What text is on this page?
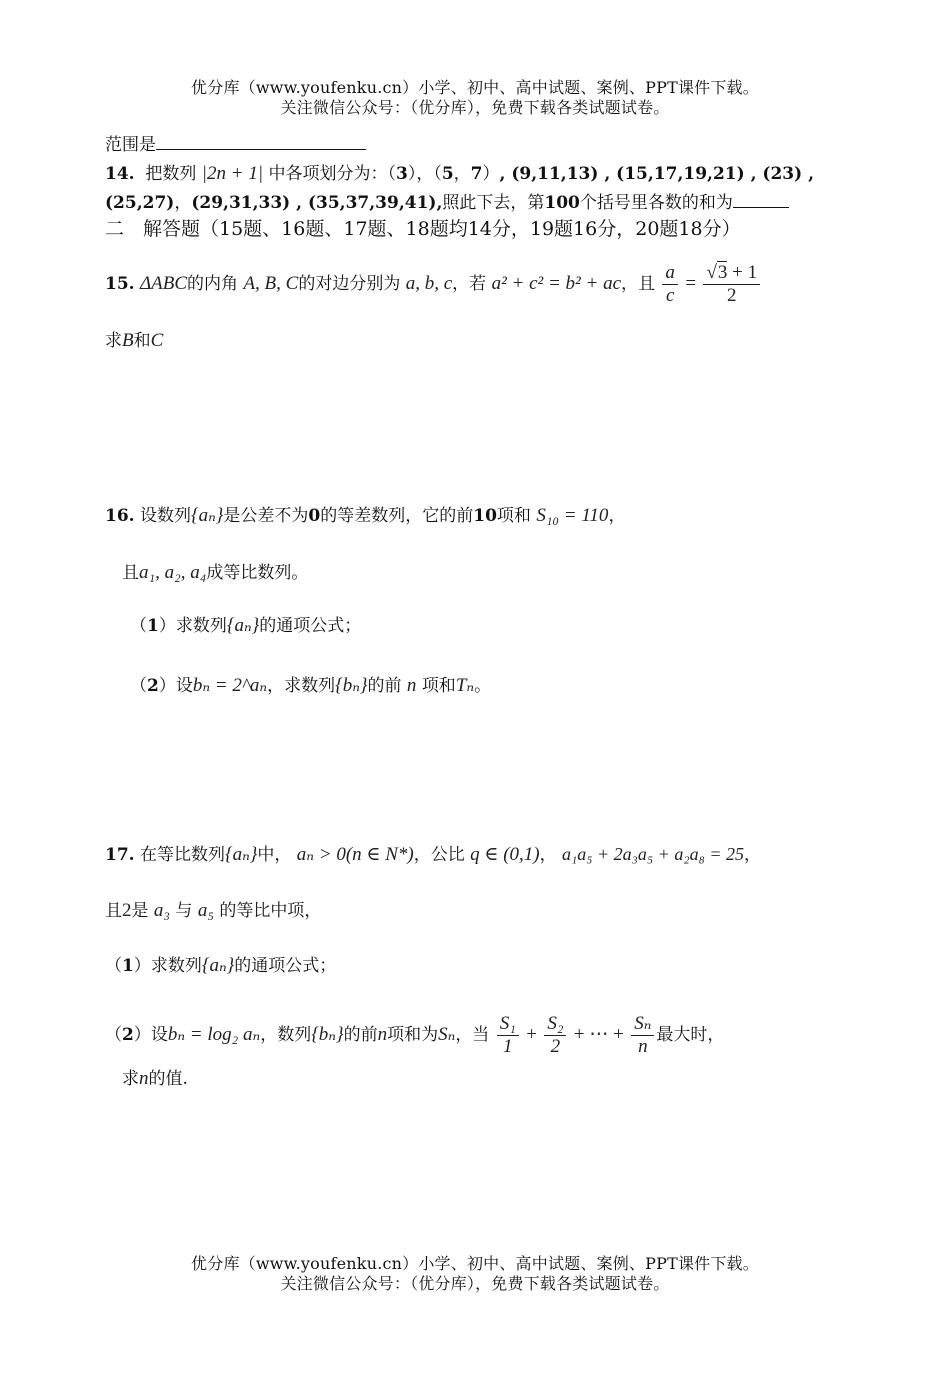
优分库（www.youfenku.cn）小学、初中、高中试题、案例、PPT课件下载。
关注微信公众号：（优分库），免费下载各类试题试卷。
范围是
14. 把数列 |2n + 1| 中各项划分为：（3），（5，7）, (9,11,13) , (15,17,19,21) , (23) ,
(25,27)，(29,31,33) , (35,37,39,41),照此下去，第100个括号里各数的和为
二　解答题（15题、16题、17题、18题均14分，19题16分，20题18分）
15. ΔABC的内角 A, B, C的对边分别为 a, b, c，若 a² + c² = b² + ac，且 $\frac{a}{c} = \frac{√3 + 1}{2}$
求B和C
16. 设数列{aₙ}是公差不为0的等差数列，它的前10项和 S₁₀ = 110，
且a₁, a₂, a₄成等比数列。
（1）求数列{aₙ}的通项公式；
（2）设bₙ = 2^aₙ，求数列{bₙ}的前 n 项和Tₙ。
17. 在等比数列{aₙ}中， aₙ > 0(n ∈ N*)，公比 q ∈ (0,1)， a₁a₅ + 2a₃a₅ + a₂a₈ = 25，
且2是 a₃ 与 a₅ 的等比中项，
（1）求数列{aₙ}的通项公式；
（2）设bₙ = log₂ aₙ，数列{bₙ}的前n项和为Sₙ，当 $\frac{\text{S₁}}{1} + \frac{\text{S₂}}{2}$ + ⋯ + $\frac{\text{Sₙ}}{n}$ 最大时，
求n的值.
优分库（www.youfenku.cn）小学、初中、高中试题、案例、PPT课件下载。
关注微信公众号：（优分库），免费下载各类试题试卷。
